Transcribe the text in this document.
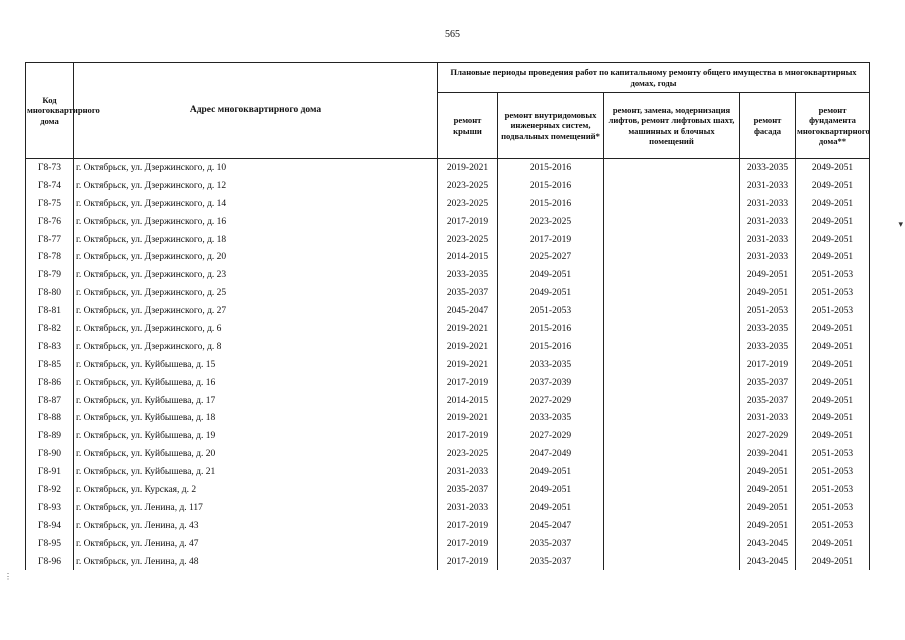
565
Код многоквартирного дома	Адрес многоквартирного дома	Плановые периоды проведения работ по капитальному ремонту общего имущества в многоквартирных домах, годы				
		ремонт крыши	ремонт внутридомовых инженерных систем, подвальных помещений*	ремонт, замена, модернизация лифтов, ремонт лифтовых шахт, машинных и блочных помещений	ремонт фасада	ремонт фундамента многоквартирного дома**
Г8-73	г. Октябрьск, ул. Дзержинского, д. 10	2019-2021	2015-2016		2033-2035	2049-2051
Г8-74	г. Октябрьск, ул. Дзержинского, д. 12	2023-2025	2015-2016		2031-2033	2049-2051
Г8-75	г. Октябрьск, ул. Дзержинского, д. 14	2023-2025	2015-2016		2031-2033	2049-2051
Г8-76	г. Октябрьск, ул. Дзержинского, д. 16	2017-2019	2023-2025		2031-2033	2049-2051
Г8-77	г. Октябрьск, ул. Дзержинского, д. 18	2023-2025	2017-2019		2031-2033	2049-2051
Г8-78	г. Октябрьск, ул. Дзержинского, д. 20	2014-2015	2025-2027		2031-2033	2049-2051
Г8-79	г. Октябрьск, ул. Дзержинского, д. 23	2033-2035	2049-2051		2049-2051	2051-2053
Г8-80	г. Октябрьск, ул. Дзержинского, д. 25	2035-2037	2049-2051		2049-2051	2051-2053
Г8-81	г. Октябрьск, ул. Дзержинского, д. 27	2045-2047	2051-2053		2051-2053	2051-2053
Г8-82	г. Октябрьск, ул. Дзержинского, д. 6	2019-2021	2015-2016		2033-2035	2049-2051
Г8-83	г. Октябрьск, ул. Дзержинского, д. 8	2019-2021	2015-2016		2033-2035	2049-2051
Г8-85	г. Октябрьск, ул. Куйбышева, д. 15	2019-2021	2033-2035		2017-2019	2049-2051
Г8-86	г. Октябрьск, ул. Куйбышева, д. 16	2017-2019	2037-2039		2035-2037	2049-2051
Г8-87	г. Октябрьск, ул. Куйбышева, д. 17	2014-2015	2027-2029		2035-2037	2049-2051
Г8-88	г. Октябрьск, ул. Куйбышева, д. 18	2019-2021	2033-2035		2031-2033	2049-2051
Г8-89	г. Октябрьск, ул. Куйбышева, д. 19	2017-2019	2027-2029		2027-2029	2049-2051
Г8-90	г. Октябрьск, ул. Куйбышева, д. 20	2023-2025	2047-2049		2039-2041	2051-2053
Г8-91	г. Октябрьск, ул. Куйбышева, д. 21	2031-2033	2049-2051		2049-2051	2051-2053
Г8-92	г. Октябрьск, ул. Курская, д. 2	2035-2037	2049-2051		2049-2051	2051-2053
Г8-93	г. Октябрьск, ул. Ленина, д. 117	2031-2033	2049-2051		2049-2051	2051-2053
Г8-94	г. Октябрьск, ул. Ленина, д. 43	2017-2019	2045-2047		2049-2051	2051-2053
Г8-95	г. Октябрьск, ул. Ленина, д. 47	2017-2019	2035-2037		2043-2045	2049-2051
Г8-96	г. Октябрьск, ул. Ленина, д. 48	2017-2019	2035-2037		2043-2045	2049-2051
▾
⋮
